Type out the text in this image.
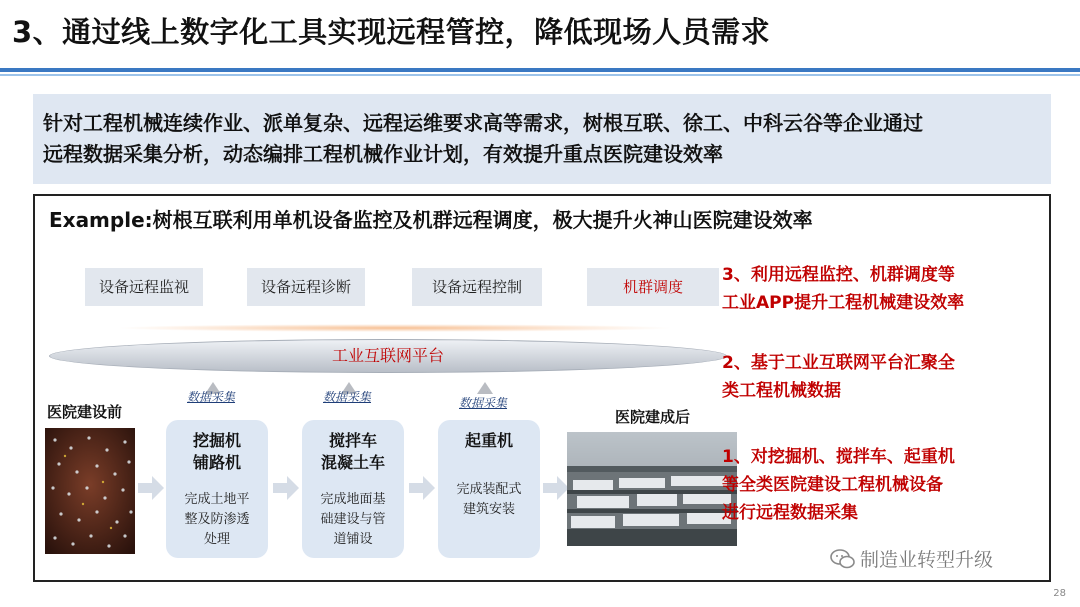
3、通过线上数字化工具实现远程管控，降低现场人员需求
针对工程机械连续作业、派单复杂、远程运维要求高等需求，树根互联、徐工、中科云谷等企业通过
远程数据采集分析，动态编排工程机械作业计划，有效提升重点医院建设效率
Example:树根互联利用单机设备监控及机群远程调度，极大提升火神山医院建设效率
设备远程监视	设备远程诊断	设备远程控制	机群调度
工业互联网平台
数据采集	数据采集	数据采集
医院建设前
挖掘机
铺路机
完成土地平
整及防渗透
处理
搅拌车
混凝土车
完成地面基
础建设与管
道铺设
起重机
完成装配式
建筑安装
医院建成后
3、利用远程监控、机群调度等
工业APP提升工程机械建设效率
2、基于工业互联网平台汇聚全
类工程机械数据
1、对挖掘机、搅拌车、起重机
等全类医院建设工程机械设备
进行远程数据采集
制造业转型升级
28
